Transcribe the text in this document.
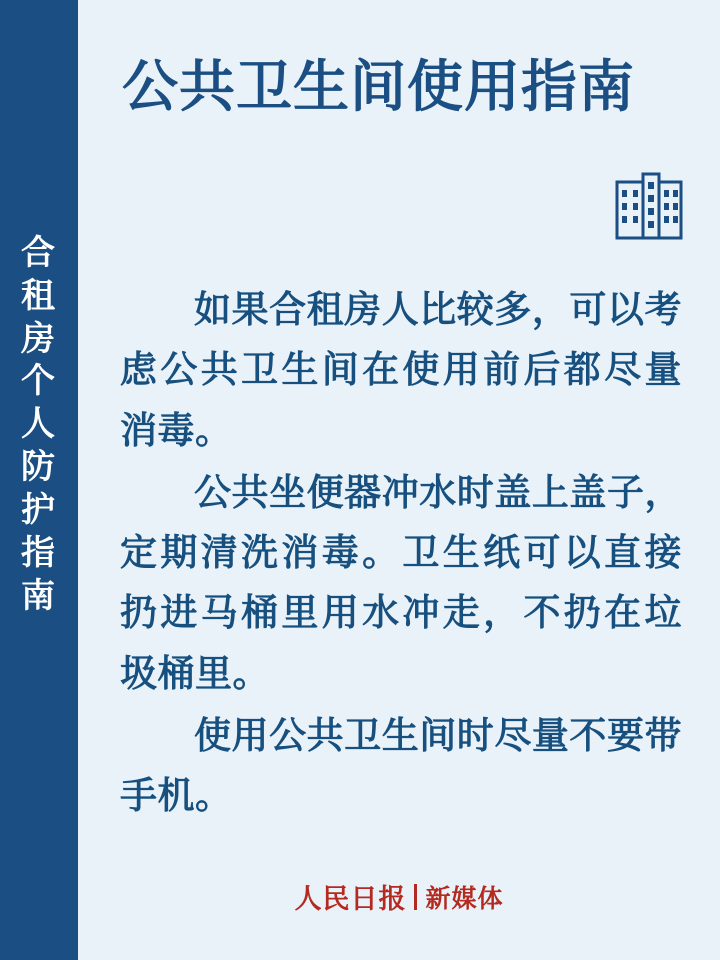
合租房个人防护指南
公共卫生间使用指南

如果合租房人比较多，可以考虑公共卫生间在使用前后都尽量消毒。

公共坐便器冲水时盖上盖子，定期清洗消毒。卫生纸可以直接扔进马桶里用水冲走，不扔在垃圾桶里。

使用公共卫生间时尽量不要带手机。

人民日报 新媒体
